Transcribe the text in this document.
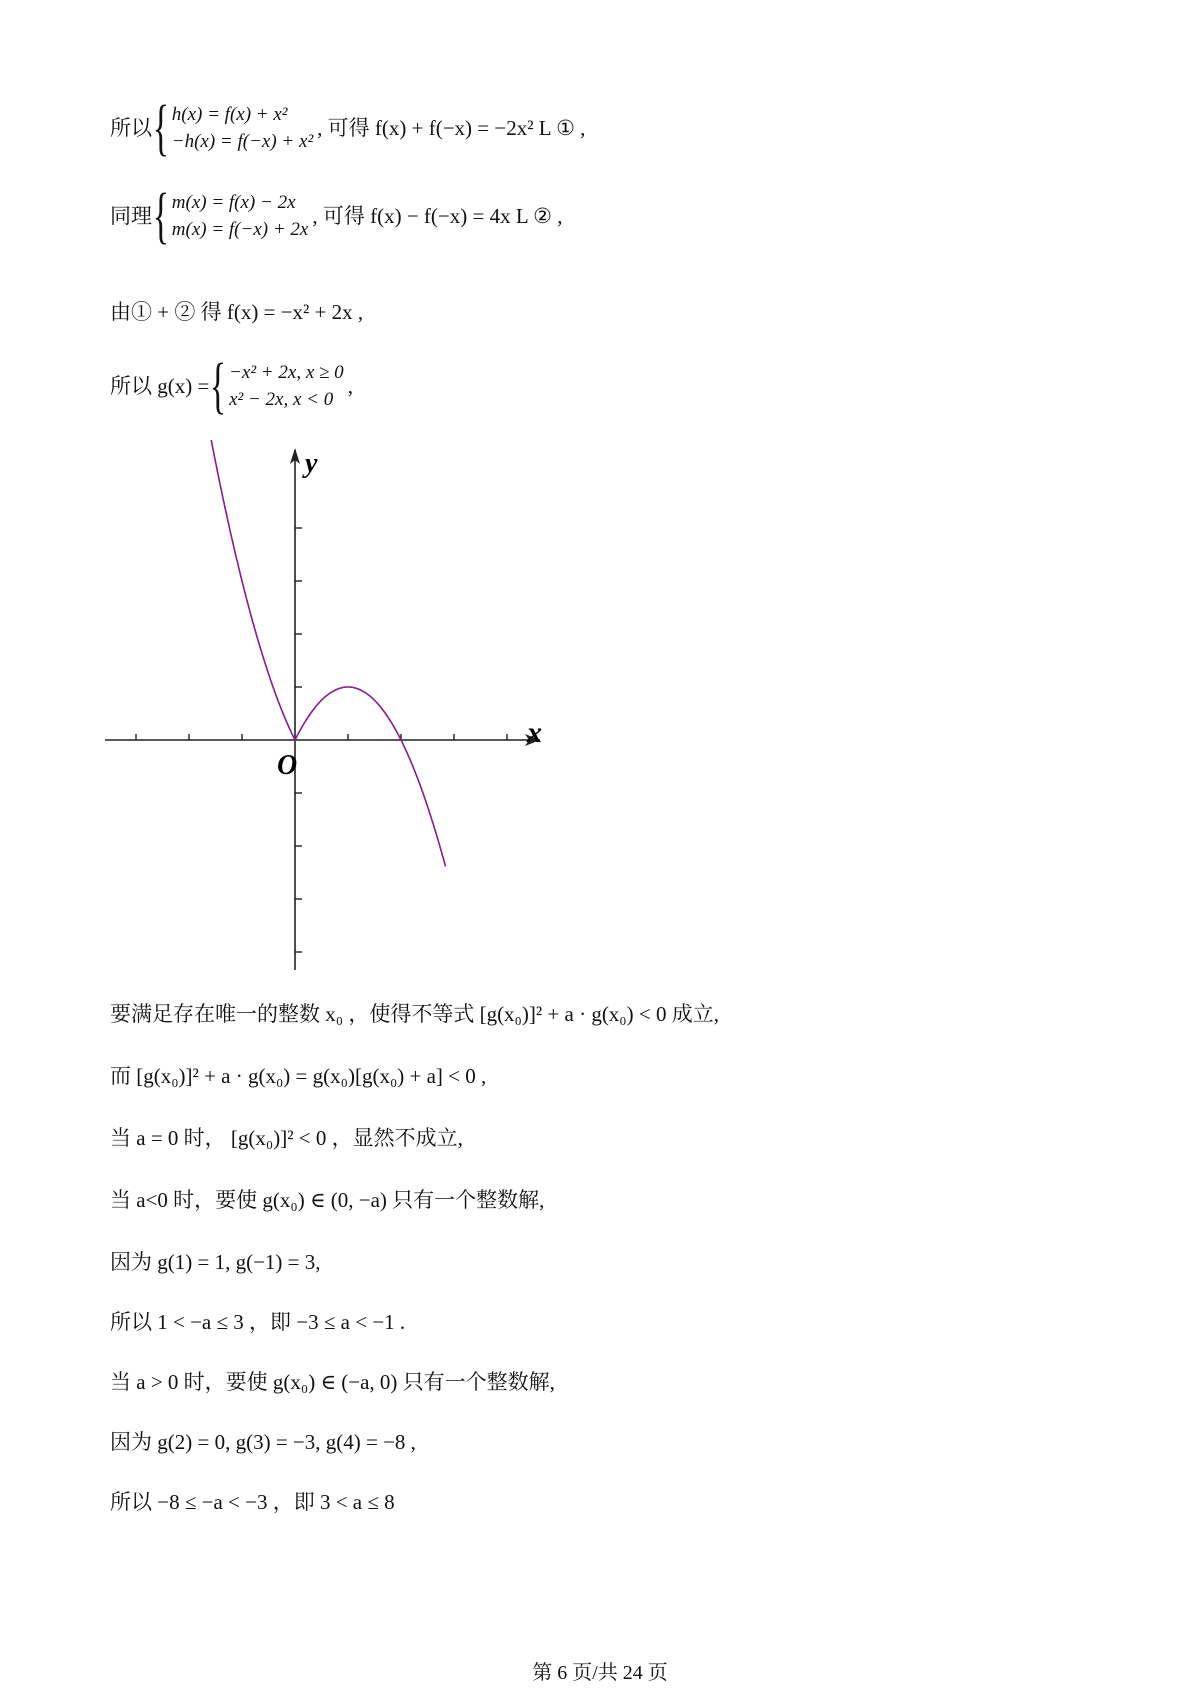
所以{ h(x) = f(x) + x²
−h(x) = f(−x) + x²
, 可得 f(x) + f(−x) = −2x² L ① ,
同理{ m(x) = f(x) − 2x
m(x) = f(−x) + 2x
, 可得 f(x) − f(−x) = 4x L ② ,
由① + ② 得 f(x) = −x² + 2x ,
所以 g(x) ={ −x² + 2x, x ≥ 0
x² − 2x, x < 0
,
y
x
O
要满足存在唯一的整数 x₀ ，使得不等式 [g(x₀)]² + a · g(x₀) < 0 成立,
而 [g(x₀)]² + a · g(x₀) = g(x₀)[g(x₀) + a] < 0 ,
当 a = 0 时， [g(x₀)]² < 0 ，显然不成立,
当 a<0 时，要使 g(x₀) ∈ (0, −a) 只有一个整数解,
因为 g(1) = 1, g(−1) = 3,
所以 1 < −a ≤ 3 ，即 −3 ≤ a < −1 .
当 a > 0 时，要使 g(x₀) ∈ (−a, 0) 只有一个整数解,
因为 g(2) = 0, g(3) = −3, g(4) = −8 ,
所以 −8 ≤ −a < −3 ，即 3 < a ≤ 8
第 6 页/共 24 页
